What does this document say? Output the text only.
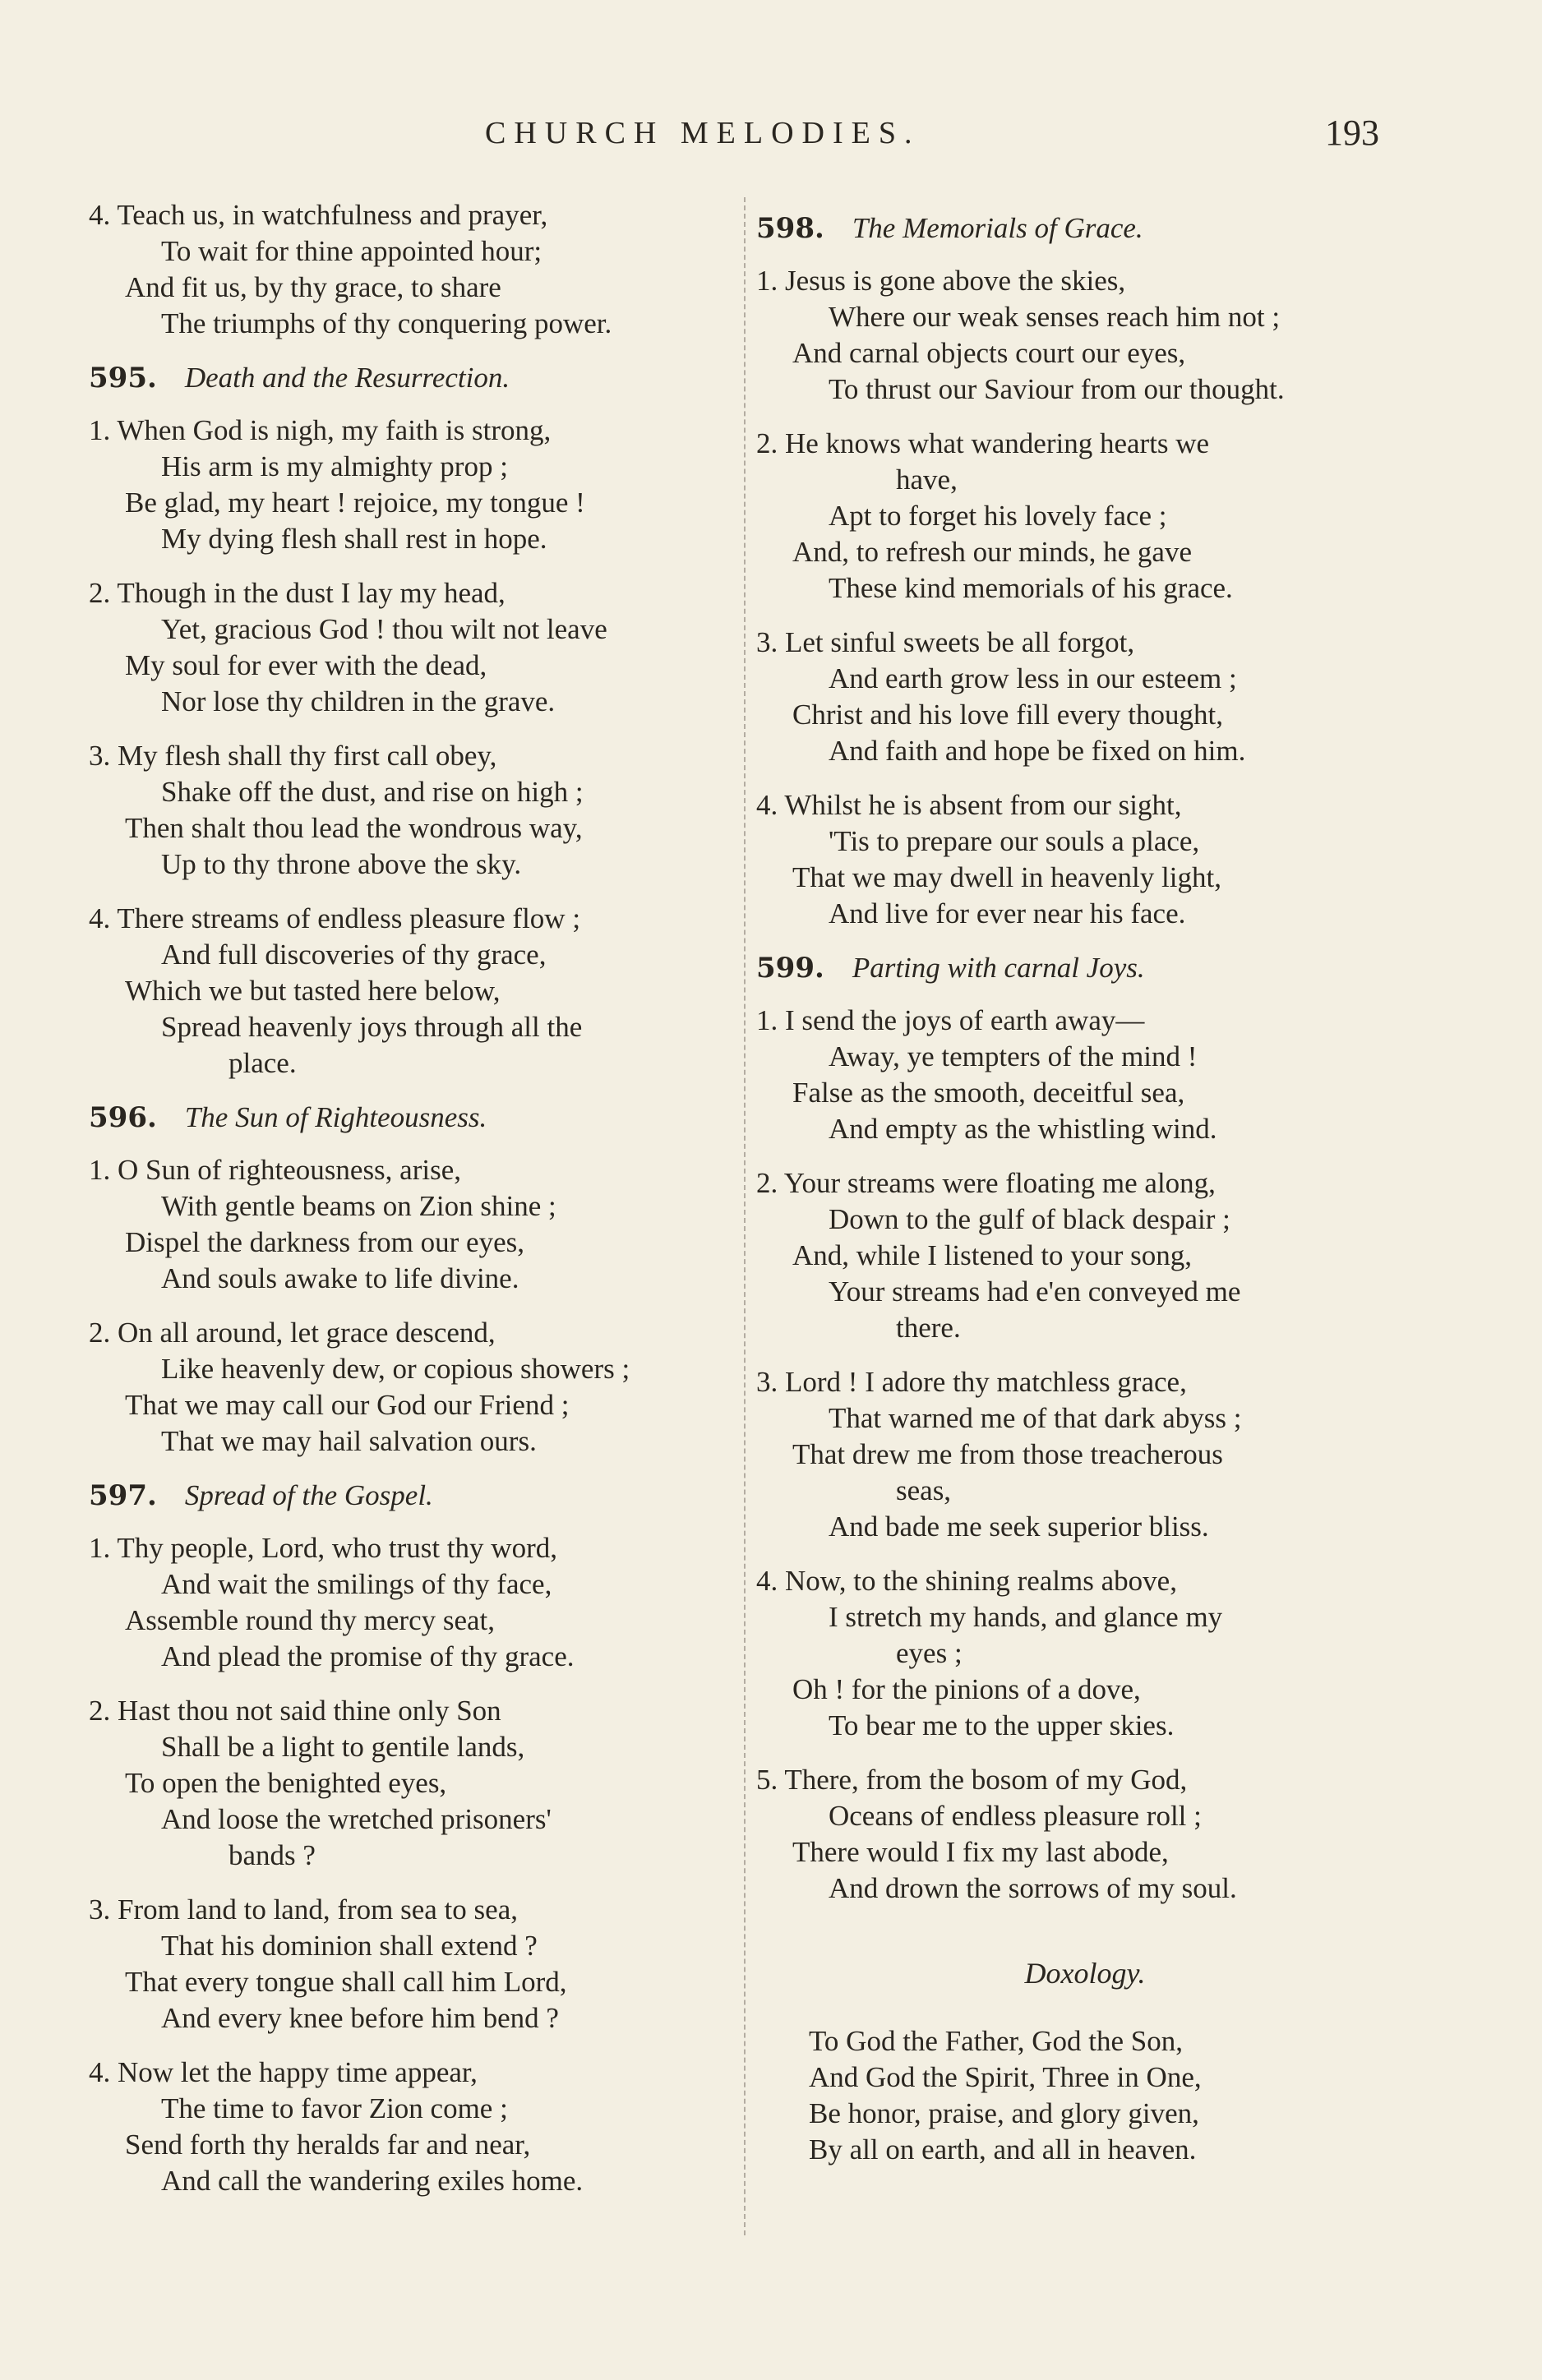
CHURCH MELODIES.	193
4. Teach us, in watchfulness and prayer,
To wait for thine appointed hour;
And fit us, by thy grace, to share
The triumphs of thy conquering power.
595. Death and the Resurrection.
1. When God is nigh, my faith is strong,
His arm is my almighty prop ;
Be glad, my heart ! rejoice, my tongue !
My dying flesh shall rest in hope.
2. Though in the dust I lay my head,
Yet, gracious God ! thou wilt not leave
My soul for ever with the dead,
Nor lose thy children in the grave.
3. My flesh shall thy first call obey,
Shake off the dust, and rise on high ;
Then shalt thou lead the wondrous way,
Up to thy throne above the sky.
4. There streams of endless pleasure flow ;
And full discoveries of thy grace,
Which we but tasted here below,
Spread heavenly joys through all the
place.
596. The Sun of Righteousness.
1. O Sun of righteousness, arise,
With gentle beams on Zion shine ;
Dispel the darkness from our eyes,
And souls awake to life divine.
2. On all around, let grace descend,
Like heavenly dew, or copious showers ;
That we may call our God our Friend ;
That we may hail salvation ours.
597. Spread of the Gospel.
1. Thy people, Lord, who trust thy word,
And wait the smilings of thy face,
Assemble round thy mercy seat,
And plead the promise of thy grace.
2. Hast thou not said thine only Son
Shall be a light to gentile lands,
To open the benighted eyes,
And loose the wretched prisoners'
bands ?
3. From land to land, from sea to sea,
That his dominion shall extend ?
That every tongue shall call him Lord,
And every knee before him bend ?
4. Now let the happy time appear,
The time to favor Zion come ;
Send forth thy heralds far and near,
And call the wandering exiles home.
598. The Memorials of Grace.
1. Jesus is gone above the skies,
Where our weak senses reach him not ;
And carnal objects court our eyes,
To thrust our Saviour from our thought.
2. He knows what wandering hearts we
have,
Apt to forget his lovely face ;
And, to refresh our minds, he gave
These kind memorials of his grace.
3. Let sinful sweets be all forgot,
And earth grow less in our esteem ;
Christ and his love fill every thought,
And faith and hope be fixed on him.
4. Whilst he is absent from our sight,
'Tis to prepare our souls a place,
That we may dwell in heavenly light,
And live for ever near his face.
599. Parting with carnal Joys.
1. I send the joys of earth away—
Away, ye tempters of the mind !
False as the smooth, deceitful sea,
And empty as the whistling wind.
2. Your streams were floating me along,
Down to the gulf of black despair ;
And, while I listened to your song,
Your streams had e'en conveyed me
there.
3. Lord ! I adore thy matchless grace,
That warned me of that dark abyss ;
That drew me from those treacherous
seas,
And bade me seek superior bliss.
4. Now, to the shining realms above,
I stretch my hands, and glance my
eyes ;
Oh ! for the pinions of a dove,
To bear me to the upper skies.
5. There, from the bosom of my God,
Oceans of endless pleasure roll ;
There would I fix my last abode,
And drown the sorrows of my soul.
Doxology.
To God the Father, God the Son,
And God the Spirit, Three in One,
Be honor, praise, and glory given,
By all on earth, and all in heaven.
